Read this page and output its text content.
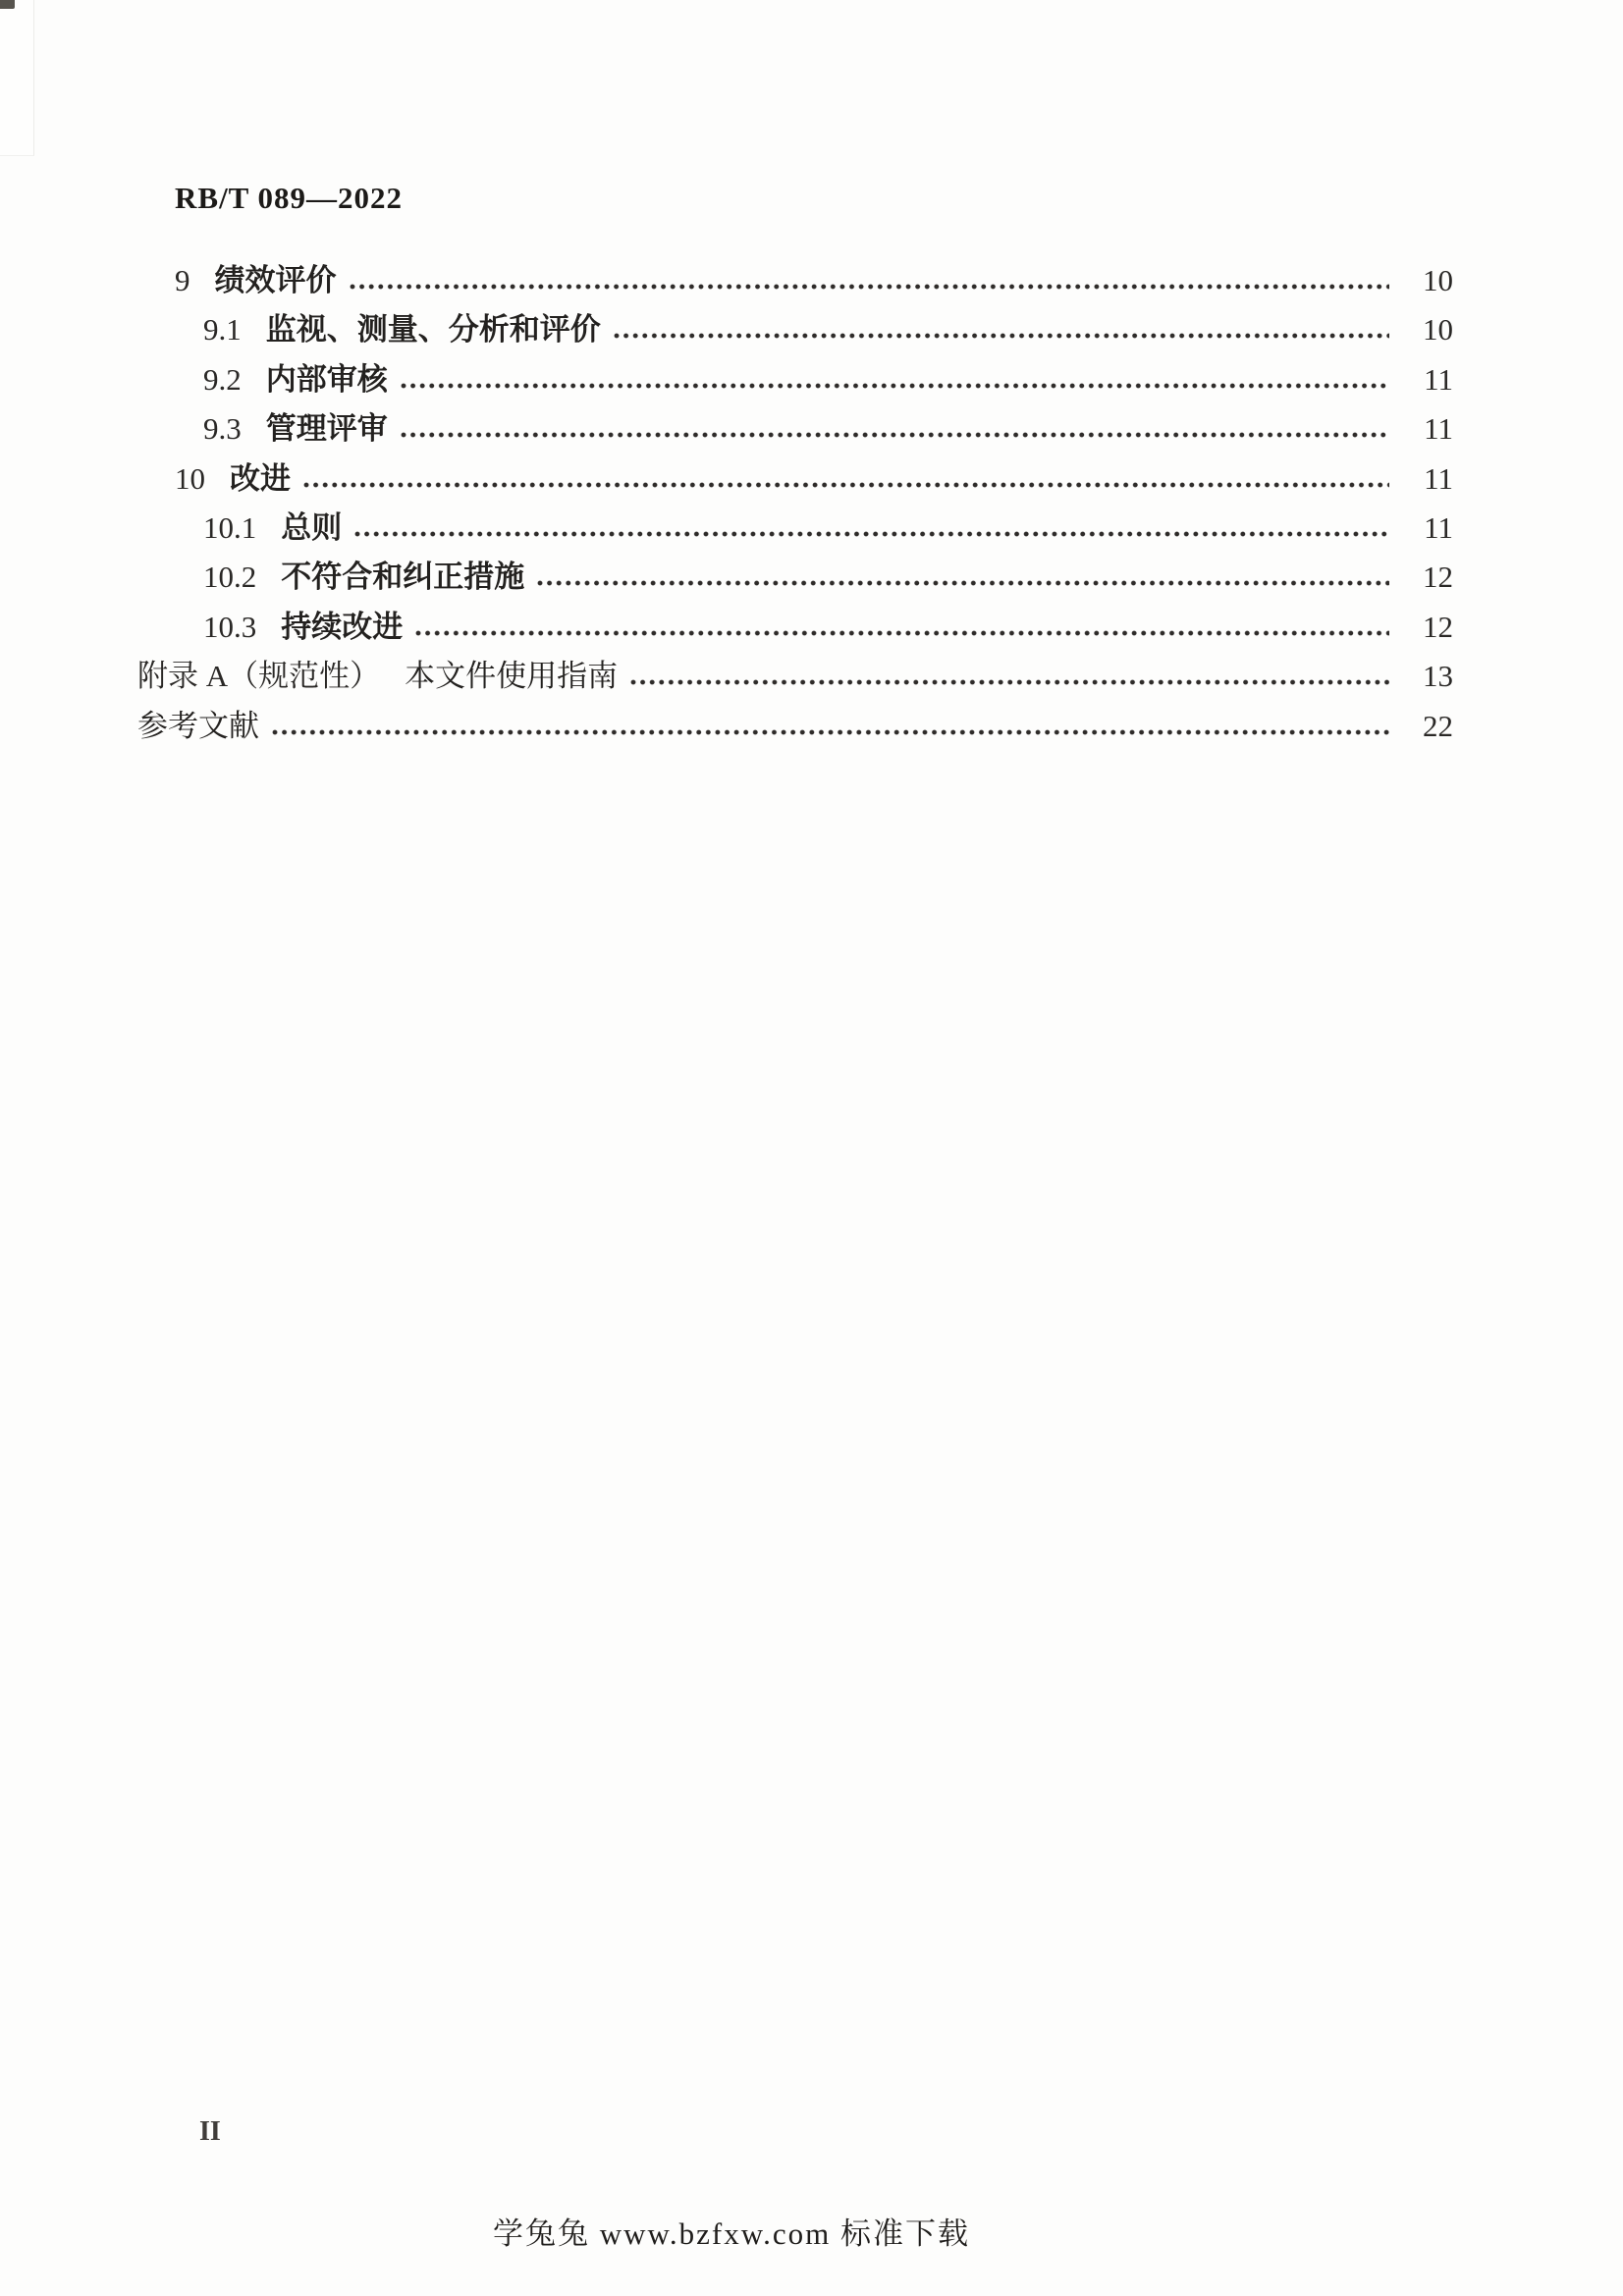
RB/T 089—2022
9 绩效评价	10
9.1 监视、测量、分析和评价	10
9.2 内部审核	11
9.3 管理评审	11
10 改进	11
10.1 总则	11
10.2 不符合和纠正措施	12
10.3 持续改进	12
附录 A（规范性） 本文件使用指南	13
参考文献	22
II
学兔兔 www.bzfxw.com 标准下载
